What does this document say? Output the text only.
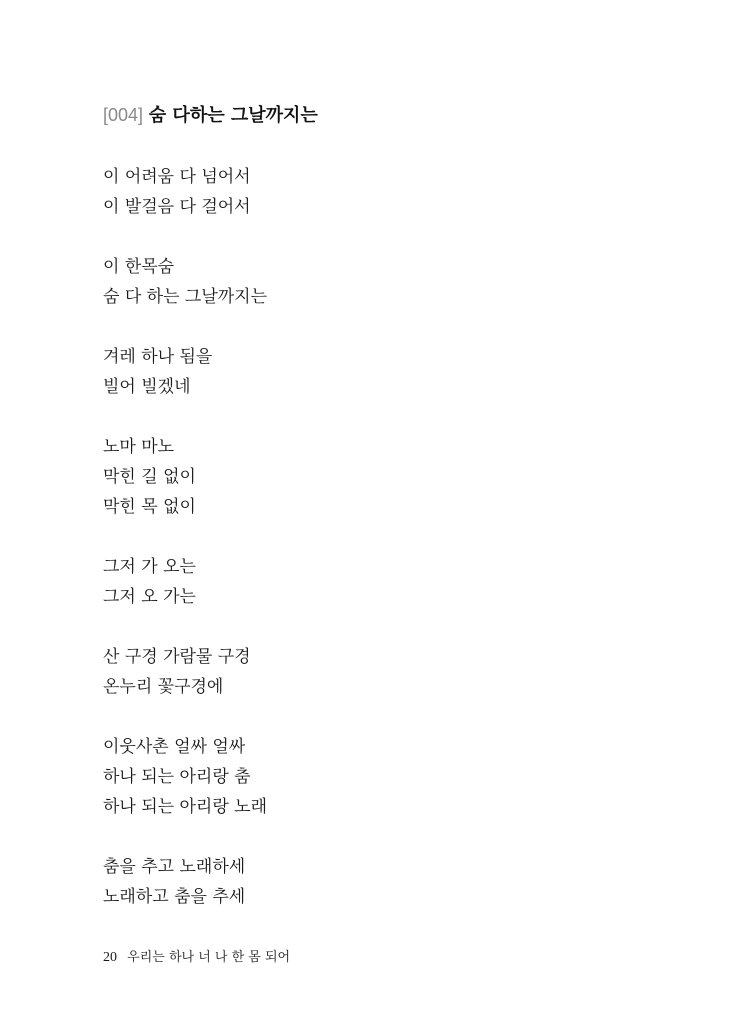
[004] 숨 다하는 그날까지는
이 어려움 다 넘어서
이 발걸음 다 걸어서
이 한목숨
숨 다 하는 그날까지는
겨레 하나 됨을
빌어 빌겠네
노마 마노
막힌 길 없이
막힌 목 없이
그저 가 오는
그저 오 가는
산 구경 가람물 구경
온누리 꽃구경에
이웃사촌 얼싸 얼싸
하나 되는 아리랑 춤
하나 되는 아리랑 노래
춤을 추고 노래하세
노래하고 춤을 추세
20 우리는 하나 너 나 한 몸 되어
